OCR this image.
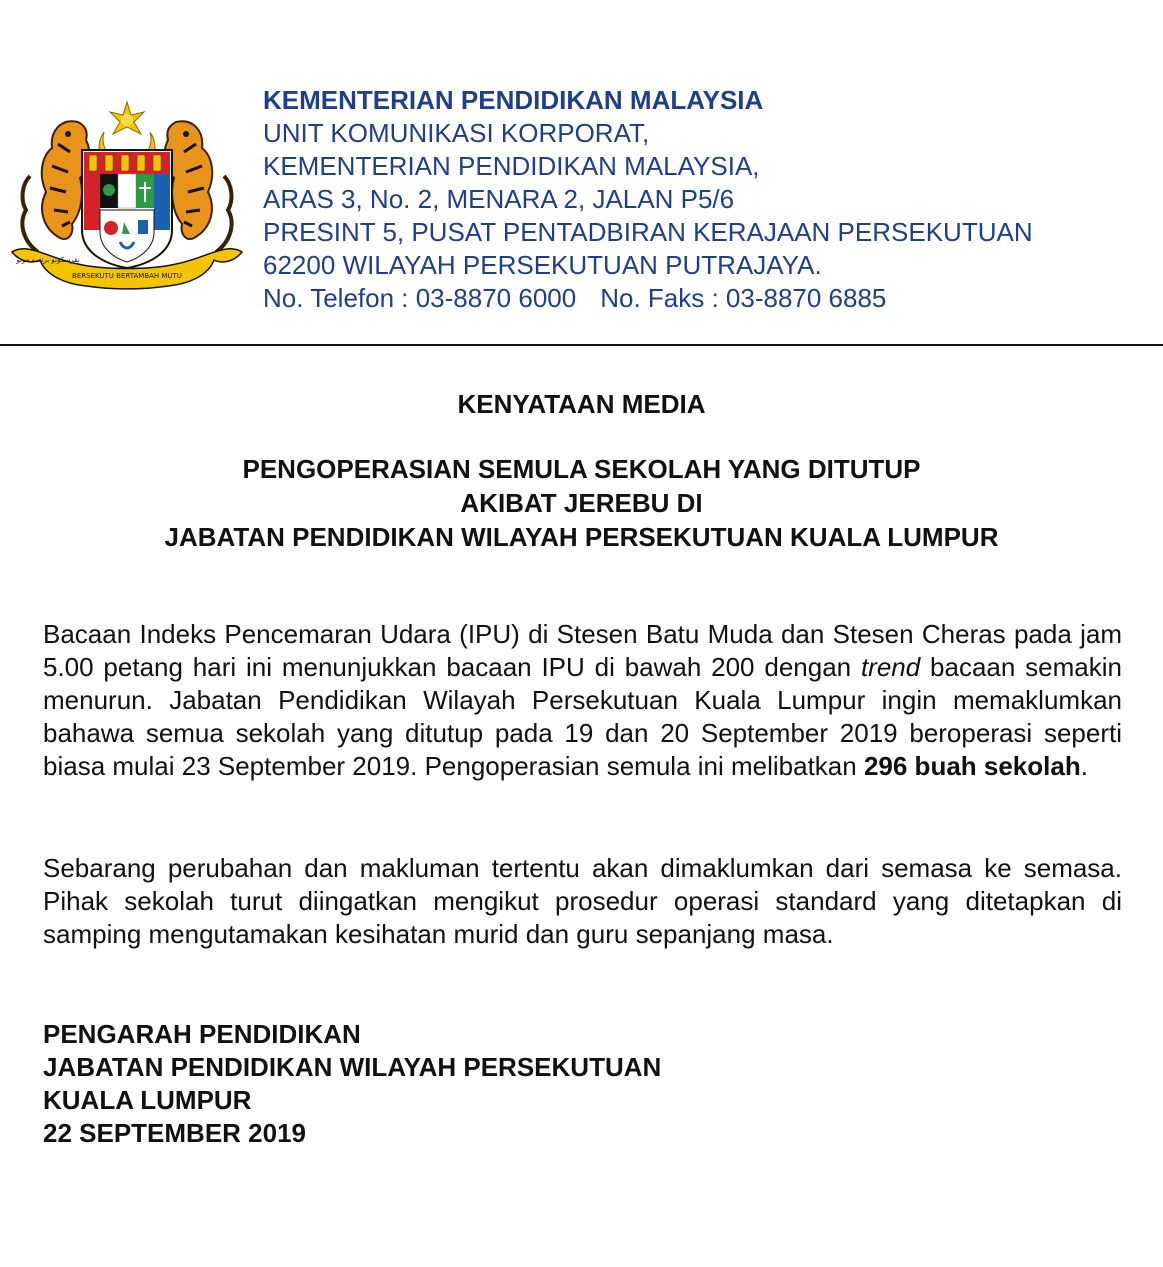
BERSEKUTU BERTAMBAH MUTU
بڤرسكوتو برتمبه موتو
KEMENTERIAN PENDIDIKAN MALAYSIA
UNIT KOMUNIKASI KORPORAT,
KEMENTERIAN PENDIDIKAN MALAYSIA,
ARAS 3, No. 2, MENARA 2, JALAN P5/6
PRESINT 5, PUSAT PENTADBIRAN KERAJAAN PERSEKUTUAN
62200 WILAYAH PERSEKUTUAN PUTRAJAYA.
No. Telefon : 03-8870 6000 No. Faks : 03-8870 6885
KENYATAAN MEDIA
PENGOPERASIAN SEMULA SEKOLAH YANG DITUTUP
AKIBAT JEREBU DI
JABATAN PENDIDIKAN WILAYAH PERSEKUTUAN KUALA LUMPUR
Bacaan Indeks Pencemaran Udara (IPU) di Stesen Batu Muda dan Stesen Cheras pada jam 5.00 petang hari ini menunjukkan bacaan IPU di bawah 200 dengan trend bacaan semakin menurun. Jabatan Pendidikan Wilayah Persekutuan Kuala Lumpur ingin memaklumkan bahawa semua sekolah yang ditutup pada 19 dan 20 September 2019 beroperasi seperti biasa mulai 23 September 2019. Pengoperasian semula ini melibatkan 296 buah sekolah.
Sebarang perubahan dan makluman tertentu akan dimaklumkan dari semasa ke semasa. Pihak sekolah turut diingatkan mengikut prosedur operasi standard yang ditetapkan di samping mengutamakan kesihatan murid dan guru sepanjang masa.
PENGARAH PENDIDIKAN
JABATAN PENDIDIKAN WILAYAH PERSEKUTUAN
KUALA LUMPUR
22 SEPTEMBER 2019
